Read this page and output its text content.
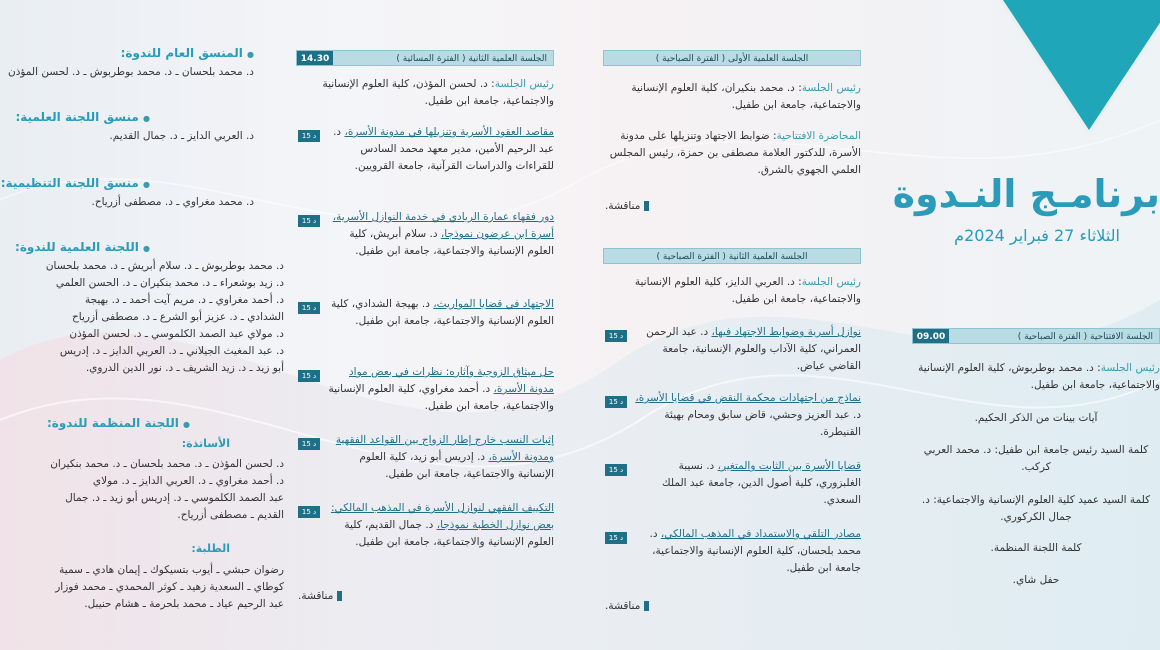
● المنسق العام للندوة:
د. محمد بلحسان ـ د. محمد بوطربوش ـ د. لحسن المؤذن
● منسق اللجنة العلمية:
د. العربي الدايز ـ د. جمال القديم.
● منسق اللجنة التنظيمية:
د. محمد مغراوي ـ د. مصطفى أزرياح.
● اللجنة العلمية للندوة:
د. محمد بوطربوش ـ د. سلام أبريش ـ د. محمد بلحسان
د. زيد بوشعراء ـ د. محمد بنكيران ـ د. الحسن العلمي
د. أحمد مغراوي ـ د. مريم آيت أحمد ـ د. بهيجة
الشدادي ـ د. عزيز أبو الشرع ـ د. مصطفى أزرياح
د. مولاي عبد الصمد الكلموسي ـ د. لحسن المؤذن
د. عبد المغيث الجيلاني ـ د. العربي الدايز ـ د. إدريس
أبو زيد ـ د. زيد الشريف ـ د. نور الدين الدروي.
● اللجنة المنظمة للندوة:
الأساتذة:
د. لحسن المؤذن ـ د. محمد بلحسان ـ د. محمد بنكيران
د. أحمد مغراوي ـ د. العربي الدايز ـ د. مولاي
عبد الصمد الكلموسي ـ د. إدريس أبو زيد ـ د. جمال
القديم ـ مصطفى أزرياح.
الطلبة:
رضوان حبشي ـ أيوب بتسيكوك ـ إيمان هادي ـ سمية
كوطاي ـ السعدية زهيد ـ كوثر المحمدي ـ محمد فوزار
عبد الرحيم عياد ـ محمد بلحرمة ـ هشام حنيبل.
14.30	الجلسة العلمية الثانية ( الفترة المسائية )
رئيس الجلسة: د. لحسن المؤذن، كلية العلوم الإنسانية والاجتماعية، جامعة ابن طفيل.
15 د	مقاصد العقود الأسرية وتنزيلها في مدونة الأسرة، د. عبد الرحيم الأمين، مدير معهد محمد السادس للقراءات والدراسات القرآنية، جامعة القرويين.
15 د	دور فقهاء عمارة الريادي في خدمة النوازل الأسرية، أسرة ابن عرضون نموذجا، د. سلام أبريش، كلية العلوم الإنسانية والاجتماعية، جامعة ابن طفيل.
15 د	الاجتهاد في قضايا المواريث، د. بهيجة الشدادي، كلية العلوم الإنسانية والاجتماعية، جامعة ابن طفيل.
15 د	حل ميثاق الزوجية وآثاره: نظرات في بعض مواد مدونة الأسرة، د. أحمد مغراوي، كلية العلوم الإنسانية والاجتماعية، جامعة ابن طفيل.
15 د	إثبات النسب خارج إطار الزواج بين القواعد الفقهية ومدونة الأسرة، د. إدريس أبو زيد، كلية العلوم الإنسانية والاجتماعية، جامعة ابن طفيل.
15 د	التكييف الفقهي لنوازل الأسرة في المذهب المالكي: بعض نوازل الخطبة نموذجا، د. جمال القديم، كلية العلوم الإنسانية والاجتماعية، جامعة ابن طفيل.
مناقشة.
الجلسة العلمية الأولى ( الفترة الصباحية )
رئيس الجلسة: د. محمد بنكيران، كلية العلوم الإنسانية والاجتماعية، جامعة ابن طفيل.
المحاضرة الافتتاحية: ضوابط الاجتهاد وتنزيلها على مدونة الأسرة، للدكتور العلامة مصطفى بن حمزة، رئيس المجلس العلمي الجهوي بالشرق.
مناقشة.
الجلسة العلمية الثانية ( الفترة الصباحية )
رئيس الجلسة: د. العربي الدايز، كلية العلوم الإنسانية والاجتماعية، جامعة ابن طفيل.
15 د	نوازل أسرية وضوابط الاجتهاد فيها، د. عبد الرحمن العمراني، كلية الآداب والعلوم الإنسانية، جامعة القاضي عياض.
15 د	نماذج من اجتهادات محكمة النقض في قضايا الأسرة، د. عبد العزيز وحشي، قاض سابق ومحام بهيئة القنيطرة.
15 د	قضايا الأسرة بين الثابت والمتغير، د. نسيبة الغلبزوري، كلية أصول الدين، جامعة عبد الملك السعدي.
15 د	مصادر التلقي والاستمداد في المذهب المالكي، د. محمد بلحسان، كلية العلوم الإنسانية والاجتماعية، جامعة ابن طفيل.
مناقشة.
برنامـج النـدوة
الثلاثاء 27 فبراير 2024م
09.00	الجلسة الافتتاحية ( الفترة الصباحية )
رئيس الجلسة: د. محمد بوطربوش، كلية العلوم الإنسانية والاجتماعية، جامعة ابن طفيل.
آيات بينات من الذكر الحكيم.
كلمة السيد رئيس جامعة ابن طفيل: د. محمد العربي كركب.
كلمة السيد عميد كلية العلوم الإنسانية والاجتماعية: د. جمال الكركوري.
كلمة اللجنة المنظمة.
حفل شاي.
